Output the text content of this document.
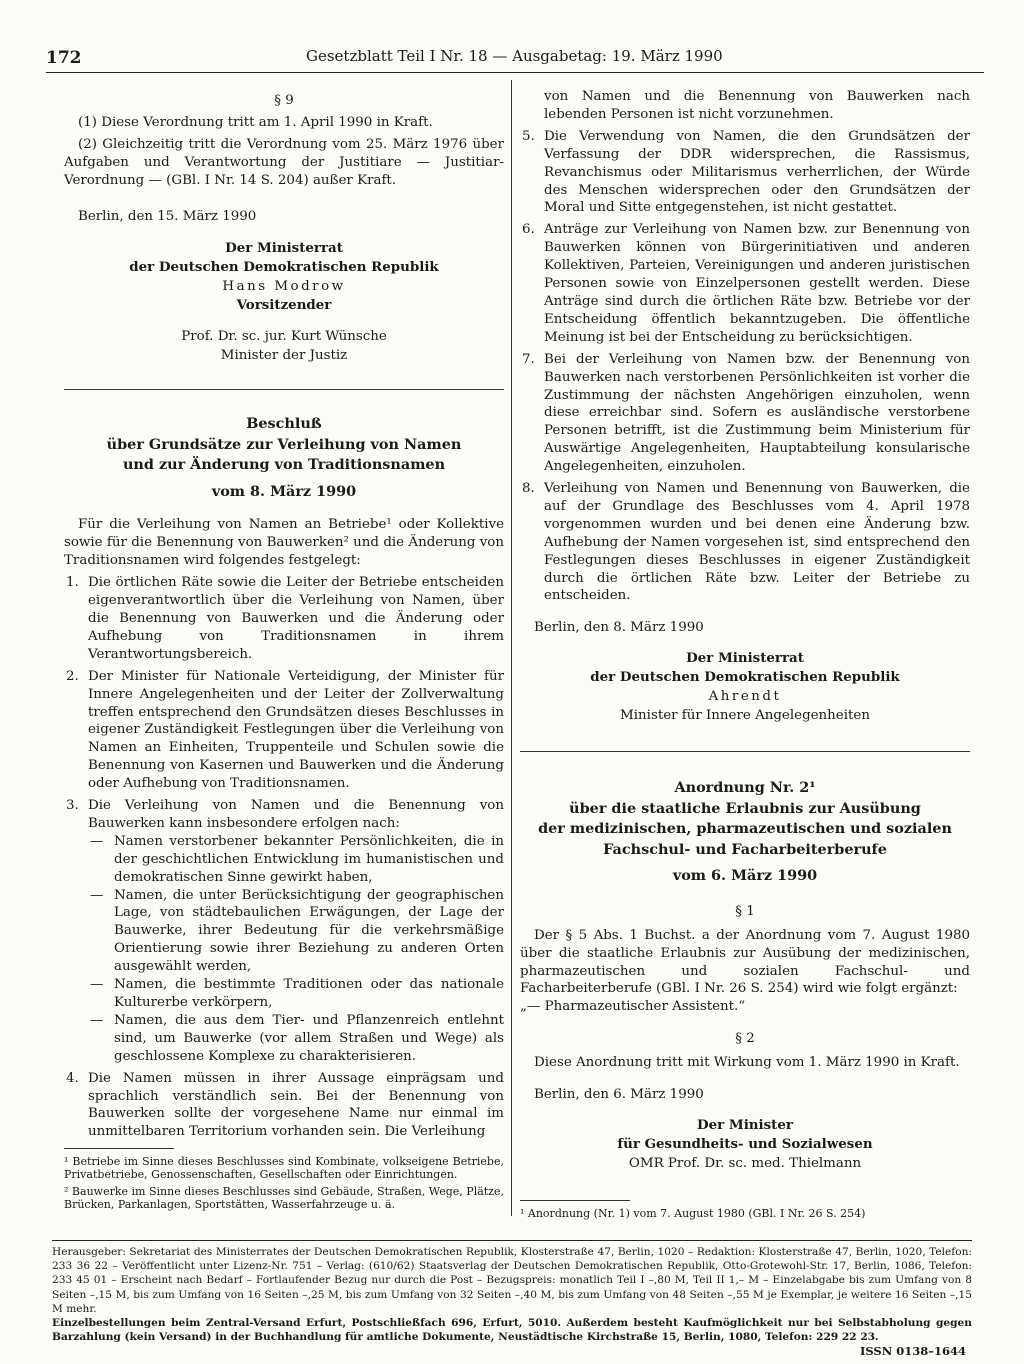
172	Gesetzblatt Teil I Nr. 18 — Ausgabetag: 19. März 1990

§ 9

(1) Diese Verordnung tritt am 1. April 1990 in Kraft.

(2) Gleichzeitig tritt die Verordnung vom 25. März 1976 über Aufgaben und Verantwortung der Justitiare — Justitiar-Verordnung — (GBl. I Nr. 14 S. 204) außer Kraft.

Berlin, den 15. März 1990

Der Ministerrat
der Deutschen Demokratischen Republik
Hans Modrow
Vorsitzender
Prof. Dr. sc. jur. Kurt Wünsche
Minister der Justiz
Beschluß
über Grundsätze zur Verleihung von Namen
und zur Änderung von Traditionsnamen
vom 8. März 1990

Für die Verleihung von Namen an Betriebe¹ oder Kollektive sowie für die Benennung von Bauwerken² und die Änderung von Traditionsnamen wird folgendes festgelegt:

1. Die örtlichen Räte sowie die Leiter der Betriebe entscheiden eigenverantwortlich über die Verleihung von Namen, über die Benennung von Bauwerken und die Änderung oder Aufhebung von Traditionsnamen in ihrem Verantwortungsbereich.
2. Der Minister für Nationale Verteidigung, der Minister für Innere Angelegenheiten und der Leiter der Zollverwaltung treffen entsprechend den Grundsätzen dieses Beschlusses in eigener Zuständigkeit Festlegungen über die Verleihung von Namen an Einheiten, Truppenteile und Schulen sowie die Benennung von Kasernen und Bauwerken und die Änderung oder Aufhebung von Traditionsnamen.
3. Die Verleihung von Namen und die Benennung von Bauwerken kann insbesondere erfolgen nach:
— Namen verstorbener bekannter Persönlichkeiten, die in der geschichtlichen Entwicklung im humanistischen und demokratischen Sinne gewirkt haben,
— Namen, die unter Berücksichtigung der geographischen Lage, von städtebaulichen Erwägungen, der Lage der Bauwerke, ihrer Bedeutung für die verkehrsmäßige Orientierung sowie ihrer Beziehung zu anderen Orten ausgewählt werden,
— Namen, die bestimmte Traditionen oder das nationale Kulturerbe verkörpern,
— Namen, die aus dem Tier- und Pflanzenreich entlehnt sind, um Bauwerke (vor allem Straßen und Wege) als geschlossene Komplexe zu charakterisieren.
4. Die Namen müssen in ihrer Aussage einprägsam und sprachlich verständlich sein. Bei der Benennung von Bauwerken sollte der vorgesehene Name nur einmal im unmittelbaren Territorium vorhanden sein. Die Verleihung

¹ Betriebe im Sinne dieses Beschlusses sind Kombinate, volkseigene Betriebe, Privatbetriebe, Genossenschaften, Gesellschaften oder Einrichtungen.

² Bauwerke im Sinne dieses Beschlusses sind Gebäude, Straßen, Wege, Plätze, Brücken, Parkanlagen, Sportstätten, Wasserfahrzeuge u. ä.

von Namen und die Benennung von Bauwerken nach lebenden Personen ist nicht vorzunehmen.

5. Die Verwendung von Namen, die den Grundsätzen der Verfassung der DDR widersprechen, die Rassismus, Revanchismus oder Militarismus verherrlichen, der Würde des Menschen widersprechen oder den Grundsätzen der Moral und Sitte entgegenstehen, ist nicht gestattet.
6. Anträge zur Verleihung von Namen bzw. zur Benennung von Bauwerken können von Bürgerinitiativen und anderen Kollektiven, Parteien, Vereinigungen und anderen juristischen Personen sowie von Einzelpersonen gestellt werden. Diese Anträge sind durch die örtlichen Räte bzw. Betriebe vor der Entscheidung öffentlich bekanntzugeben. Die öffentliche Meinung ist bei der Entscheidung zu berücksichtigen.
7. Bei der Verleihung von Namen bzw. der Benennung von Bauwerken nach verstorbenen Persönlichkeiten ist vorher die Zustimmung der nächsten Angehörigen einzuholen, wenn diese erreichbar sind. Sofern es ausländische verstorbene Personen betrifft, ist die Zustimmung beim Ministerium für Auswärtige Angelegenheiten, Hauptabteilung konsularische Angelegenheiten, einzuholen.
8. Verleihung von Namen und Benennung von Bauwerken, die auf der Grundlage des Beschlusses vom 4. April 1978 vorgenommen wurden und bei denen eine Änderung bzw. Aufhebung der Namen vorgesehen ist, sind entsprechend den Festlegungen dieses Beschlusses in eigener Zuständigkeit durch die örtlichen Räte bzw. Leiter der Betriebe zu entscheiden.

Berlin, den 8. März 1990

Der Ministerrat
der Deutschen Demokratischen Republik
Ahrendt
Minister für Innere Angelegenheiten
Anordnung Nr. 2¹
über die staatliche Erlaubnis zur Ausübung
der medizinischen, pharmazeutischen und sozialen
Fachschul- und Facharbeiterberufe
vom 6. März 1990

§ 1

Der § 5 Abs. 1 Buchst. a der Anordnung vom 7. August 1980 über die staatliche Erlaubnis zur Ausübung der medizinischen, pharmazeutischen und sozialen Fachschul- und Facharbeiterberufe (GBl. I Nr. 26 S. 254) wird wie folgt ergänzt:

„— Pharmazeutischer Assistent.“

§ 2

Diese Anordnung tritt mit Wirkung vom 1. März 1990 in Kraft.

Berlin, den 6. März 1990

Der Minister
für Gesundheits- und Sozialwesen
OMR Prof. Dr. sc. med. Thielmann

¹ Anordnung (Nr. 1) vom 7. August 1980 (GBl. I Nr. 26 S. 254)

Herausgeber: Sekretariat des Ministerrates der Deutschen Demokratischen Republik, Klosterstraße 47, Berlin, 1020 – Redaktion: Klosterstraße 47, Berlin, 1020, Telefon: 233 36 22 – Veröffentlicht unter Lizenz-Nr. 751 – Verlag: (610/62) Staatsverlag der Deutschen Demokratischen Republik, Otto-Grotewohl-Str. 17, Berlin, 1086, Telefon: 233 45 01 – Erscheint nach Bedarf – Fortlaufender Bezug nur durch die Post – Bezugspreis: monatlich Teil I –,80 M, Teil II 1,– M – Einzelabgabe bis zum Umfang von 8 Seiten –,15 M, bis zum Umfang von 16 Seiten –,25 M, bis zum Umfang von 32 Seiten –,40 M, bis zum Umfang von 48 Seiten –,55 M je Exemplar, je weitere 16 Seiten –,15 M mehr.

Einzelbestellungen beim Zentral-Versand Erfurt, Postschließfach 696, Erfurt, 5010. Außerdem besteht Kaufmöglichkeit nur bei Selbstabholung gegen Barzahlung (kein Versand) in der Buchhandlung für amtliche Dokumente, Neustädtische Kirchstraße 15, Berlin, 1080, Telefon: 229 22 23.

ISSN 0138–1644
